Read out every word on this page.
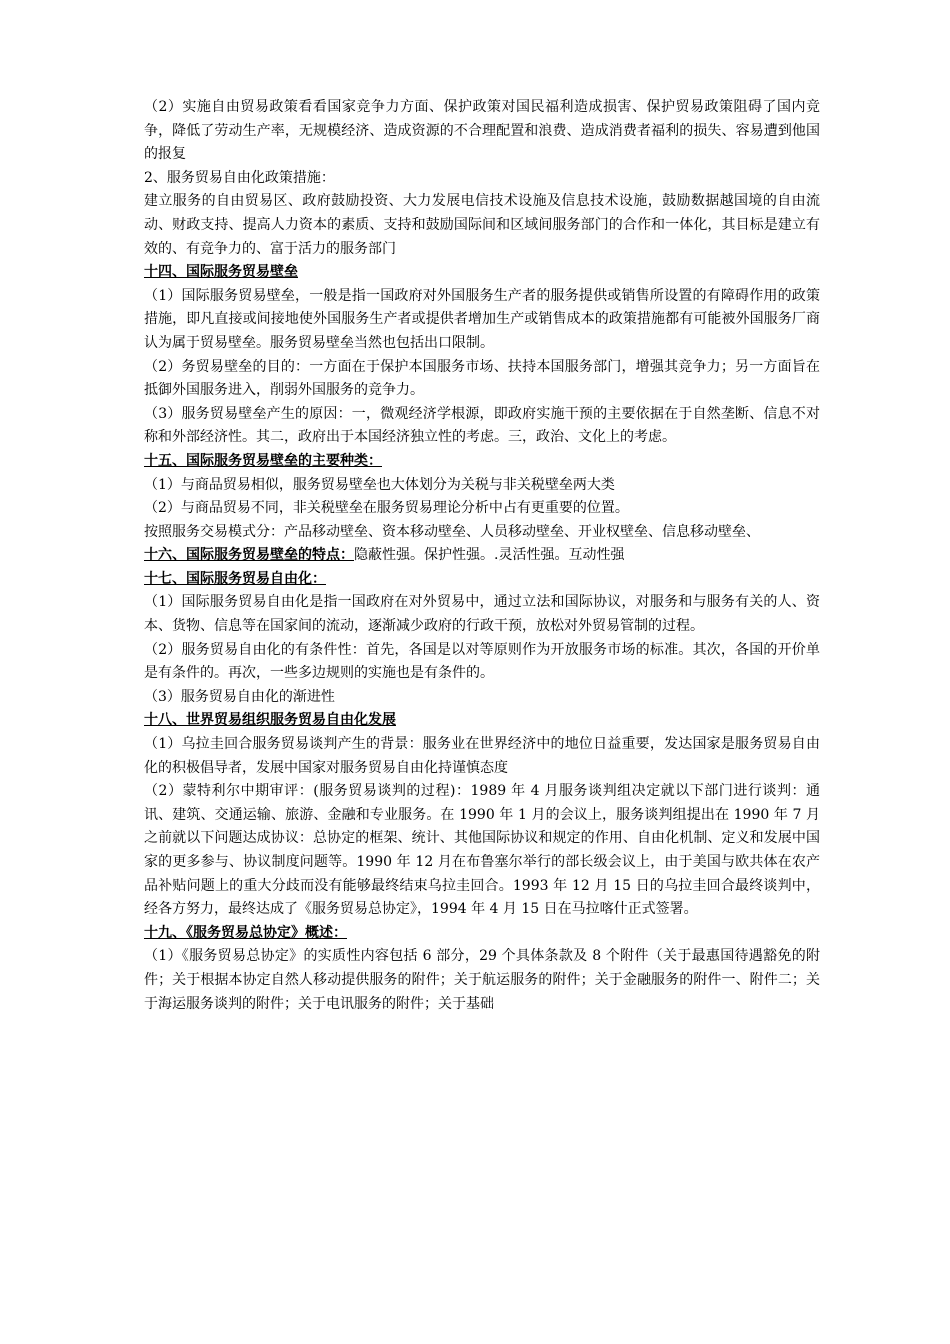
（2）实施自由贸易政策看看国家竞争力方面、保护政策对国民福利造成损害、保护贸易政策阻碍了国内竞争，降低了劳动生产率，无规模经济、造成资源的不合理配置和浪费、造成消费者福利的损失、容易遭到他国的报复

2、服务贸易自由化政策措施：

建立服务的自由贸易区、政府鼓励投资、大力发展电信技术设施及信息技术设施，鼓励数据越国境的自由流动、财政支持、提高人力资本的素质、支持和鼓励国际间和区域间服务部门的合作和一体化，其目标是建立有效的、有竞争力的、富于活力的服务部门

十四、国际服务贸易壁垒

（1）国际服务贸易壁垒，一般是指一国政府对外国服务生产者的服务提供或销售所设置的有障碍作用的政策措施，即凡直接或间接地使外国服务生产者或提供者增加生产或销售成本的政策措施都有可能被外国服务厂商认为属于贸易壁垒。服务贸易壁垒当然也包括出口限制。

（2）务贸易壁垒的目的：一方面在于保护本国服务市场、扶持本国服务部门，增强其竞争力；另一方面旨在抵御外国服务进入，削弱外国服务的竞争力。

（3）服务贸易壁垒产生的原因：一，微观经济学根源，即政府实施干预的主要依据在于自然垄断、信息不对称和外部经济性。其二，政府出于本国经济独立性的考虑。三，政治、文化上的考虑。

十五、国际服务贸易壁垒的主要种类：

（1）与商品贸易相似，服务贸易壁垒也大体划分为关税与非关税壁垒两大类

（2）与商品贸易不同，非关税壁垒在服务贸易理论分析中占有更重要的位置。

按照服务交易模式分：产品移动壁垒、资本移动壁垒、人员移动壁垒、开业权壁垒、信息移动壁垒、

十六、国际服务贸易壁垒的特点：隐蔽性强。保护性强。.灵活性强。互动性强

十七、国际服务贸易自由化：

（1）国际服务贸易自由化是指一国政府在对外贸易中，通过立法和国际协议，对服务和与服务有关的人、资本、货物、信息等在国家间的流动，逐渐减少政府的行政干预，放松对外贸易管制的过程。

（2）服务贸易自由化的有条件性：首先，各国是以对等原则作为开放服务市场的标准。其次，各国的开价单是有条件的。再次，一些多边规则的实施也是有条件的。

（3）服务贸易自由化的渐进性

十八、世界贸易组织服务贸易自由化发展

（1）乌拉圭回合服务贸易谈判产生的背景：服务业在世界经济中的地位日益重要，发达国家是服务贸易自由化的积极倡导者，发展中国家对服务贸易自由化持谨慎态度

（2）蒙特利尔中期审评：(服务贸易谈判的过程)：1989 年 4 月服务谈判组决定就以下部门进行谈判：通讯、建筑、交通运输、旅游、金融和专业服务。在 1990 年 1 月的会议上，服务谈判组提出在 1990 年 7 月之前就以下问题达成协议：总协定的框架、统计、其他国际协议和规定的作用、自由化机制、定义和发展中国家的更多参与、协议制度问题等。1990 年 12 月在布鲁塞尔举行的部长级会议上，由于美国与欧共体在农产品补贴问题上的重大分歧而没有能够最终结束乌拉圭回合。1993 年 12 月 15 日的乌拉圭回合最终谈判中，经各方努力，最终达成了《服务贸易总协定》，1994 年 4 月 15 日在马拉喀什正式签署。

十九、《服务贸易总协定》概述：

（1）《服务贸易总协定》的实质性内容包括 6 部分，29 个具体条款及 8 个附件（关于最惠国待遇豁免的附件；关于根据本协定自然人移动提供服务的附件；关于航运服务的附件；关于金融服务的附件一、附件二；关于海运服务谈判的附件；关于电讯服务的附件；关于基础
